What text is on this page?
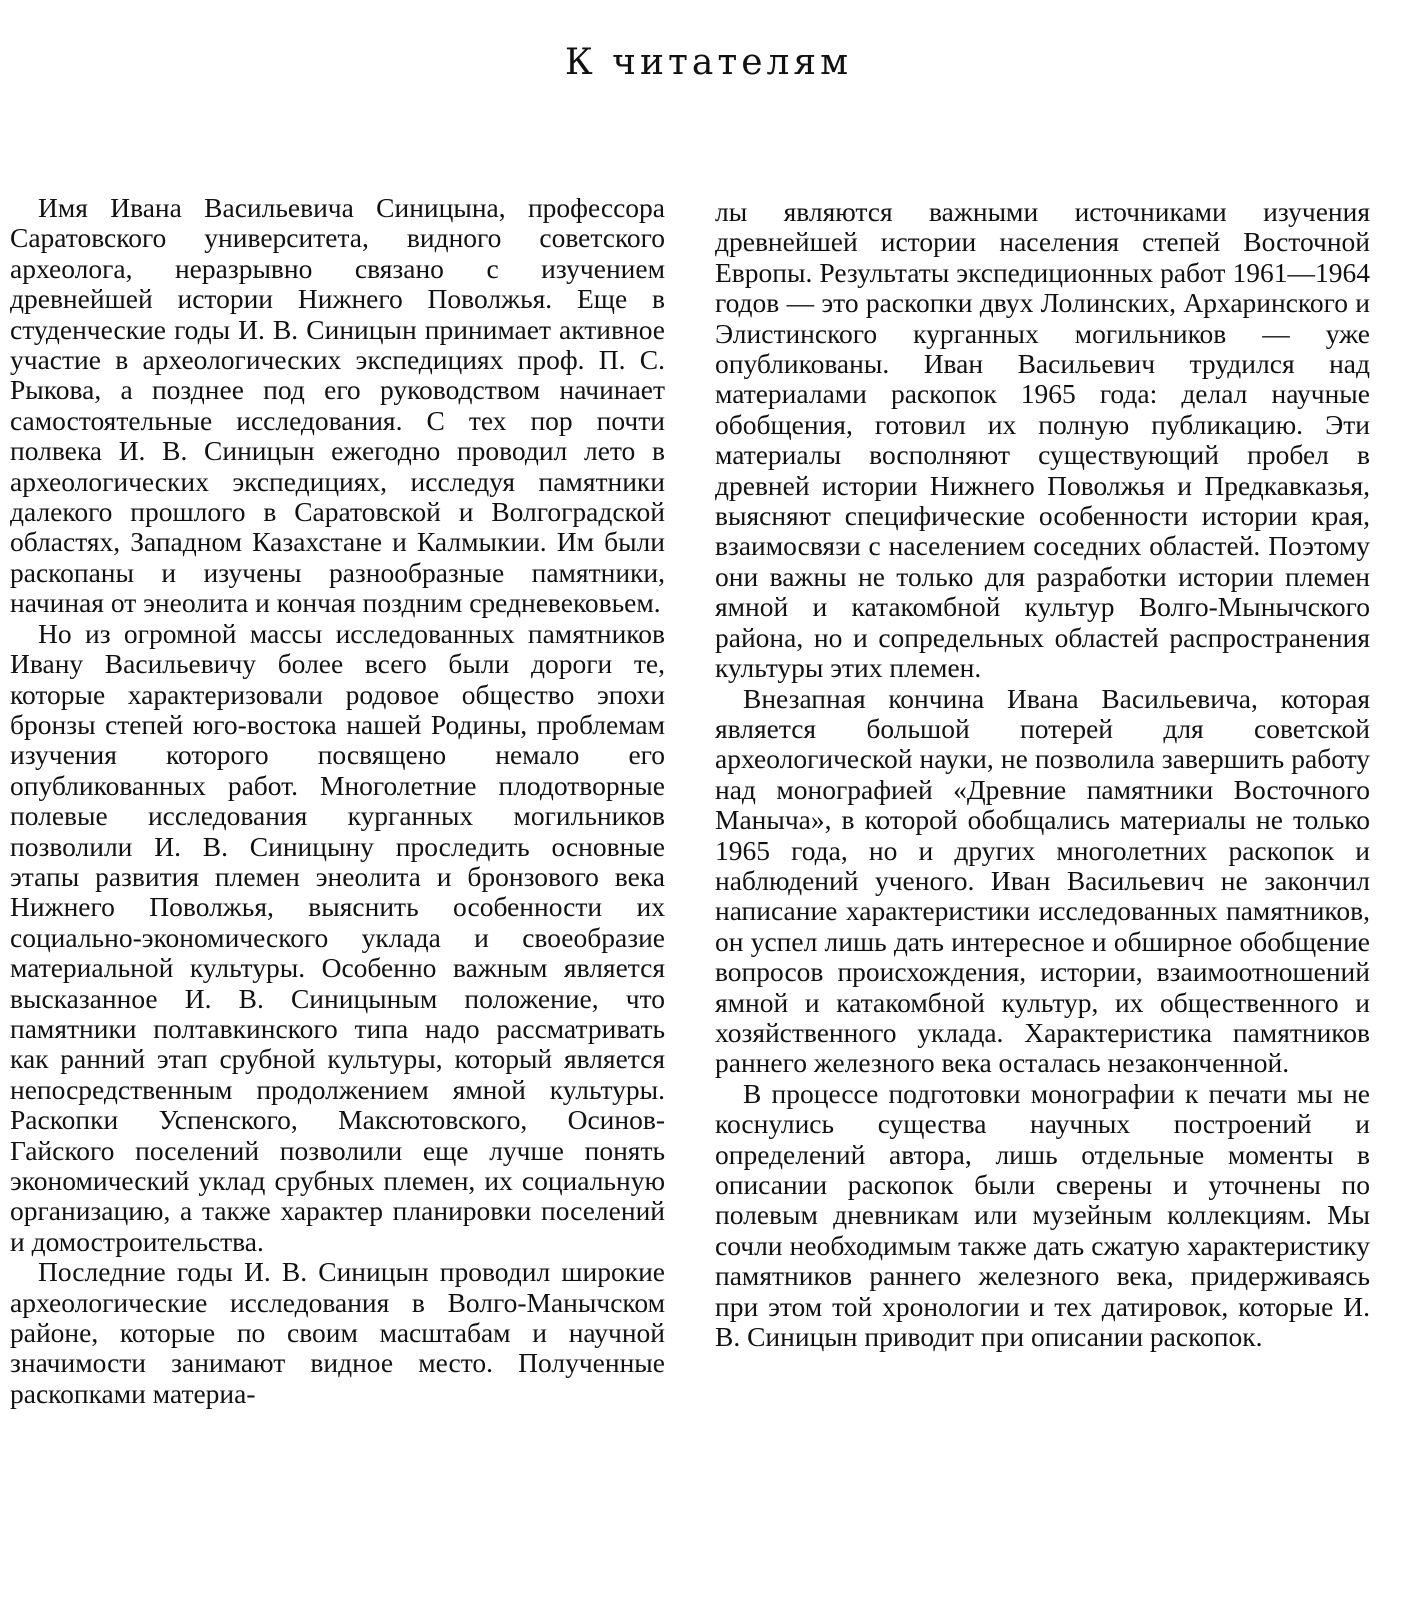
К читателям

Имя Ивана Васильевича Синицына, профессора Саратовского университета, видного советского археолога, неразрывно связано с изучением древнейшей истории Нижнего Поволжья. Еще в студенческие годы И. В. Синицын принимает активное участие в археологических экспедициях проф. П. С. Рыкова, а позднее под его руководством начинает самостоятельные исследования. С тех пор почти полвека И. В. Синицын ежегодно проводил лето в археологических экспедициях, исследуя памятники далекого прошлого в Саратовской и Волгоградской областях, Западном Казахстане и Калмыкии. Им были раскопаны и изучены разнообразные памятники, начиная от энеолита и кончая поздним средневековьем.

Но из огромной массы исследованных памятников Ивану Васильевичу более всего были дороги те, которые характеризовали родовое общество эпохи бронзы степей юго-востока нашей Родины, проблемам изучения которого посвящено немало его опубликованных работ. Многолетние плодотворные полевые исследования курганных могильников позволили И. В. Синицыну проследить основные этапы развития племен энеолита и бронзового века Нижнего Поволжья, выяснить особенности их социально-экономического уклада и своеобразие материальной культуры. Особенно важным является высказанное И. В. Синицыным положение, что памятники полтавкинского типа надо рассматривать как ранний этап срубной культуры, который является непосредственным продолжением ямной культуры. Раскопки Успенского, Максютовского, Осинов-Гайского поселений позволили еще лучше понять экономический уклад срубных племен, их социальную организацию, а также характер планировки поселений и домостроительства.

Последние годы И. В. Синицын проводил широкие археологические исследования в Волго-Манычском районе, которые по своим масштабам и научной значимости занимают видное место. Полученные раскопками материа-

лы являются важными источниками изучения древнейшей истории населения степей Восточной Европы. Результаты экспедиционных работ 1961—1964 годов — это раскопки двух Лолинских, Архаринского и Элистинского курганных могильников — уже опубликованы. Иван Васильевич трудился над материалами раскопок 1965 года: делал научные обобщения, готовил их полную публикацию. Эти материалы восполняют существующий пробел в древней истории Нижнего Поволжья и Предкавказья, выясняют специфические особенности истории края, взаимосвязи с населением соседних областей. Поэтому они важны не только для разработки истории племен ямной и катакомбной культур Волго-Мынычского района, но и сопредельных областей распространения культуры этих племен.

Внезапная кончина Ивана Васильевича, которая является большой потерей для советской археологической науки, не позволила завершить работу над монографией «Древние памятники Восточного Маныча», в которой обобщались материалы не только 1965 года, но и других многолетних раскопок и наблюдений ученого. Иван Васильевич не закончил написание характеристики исследованных памятников, он успел лишь дать интересное и обширное обобщение вопросов происхождения, истории, взаимоотношений ямной и катакомбной культур, их общественного и хозяйственного уклада. Характеристика памятников раннего железного века осталась незаконченной.

В процессе подготовки монографии к печати мы не коснулись существа научных построений и определений автора, лишь отдельные моменты в описании раскопок были сверены и уточнены по полевым дневникам или музейным коллекциям. Мы сочли необходимым также дать сжатую характеристику памятников раннего железного века, придерживаясь при этом той хронологии и тех датировок, которые И. В. Синицын приводит при описании раскопок.
